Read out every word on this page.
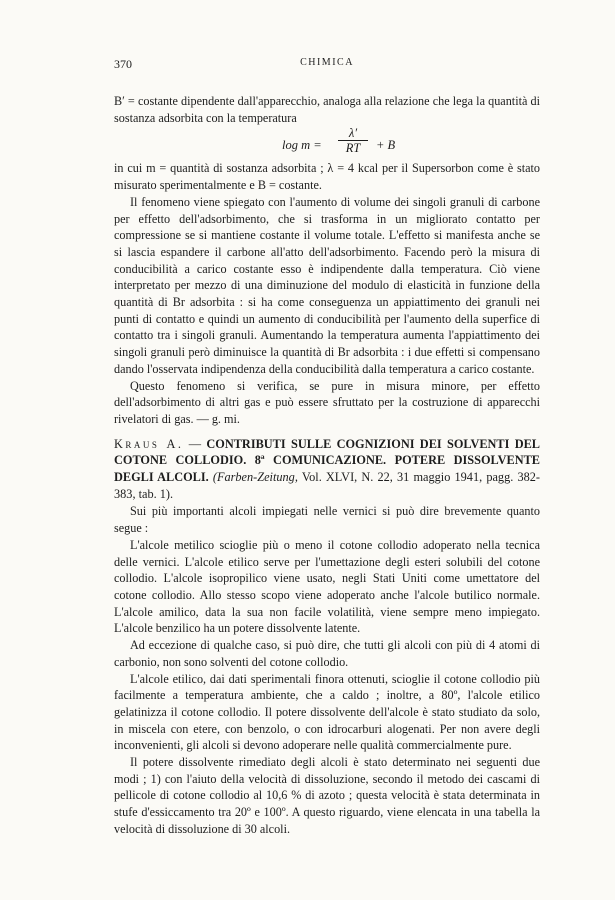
370	CHIMICA

B′ = costante dipendente dall'apparecchio, analoga alla relazione che lega la quantità di sostanza adsorbita con la temperatura

$\log m = \frac{\lambda'}{RT} + B$

in cui m = quantità di sostanza adsorbita ; λ = 4 kcal per il Supersorbon come è stato misurato sperimentalmente e B = costante.

Il fenomeno viene spiegato con l'aumento di volume dei singoli granuli di carbone per effetto dell'adsorbimento, che si trasforma in un migliorato contatto per compressione se si mantiene costante il volume totale. L'effetto si manifesta anche se si lascia espandere il carbone all'atto dell'adsorbimento. Facendo però la misura di conducibilità a carico costante esso è indipendente dalla temperatura. Ciò viene interpretato per mezzo di una diminuzione del modulo di elasticità in funzione della quantità di Br adsorbita : si ha come conseguenza un appiattimento dei granuli nei punti di contatto e quindi un aumento di conducibilità per l'aumento della superfice di contatto tra i singoli granuli. Aumentando la temperatura aumenta l'appiattimento dei singoli granuli però diminuisce la quantità di Br adsorbita : i due effetti si compensano dando l'osservata indipendenza della conducibilità dalla temperatura a carico costante.

Questo fenomeno si verifica, se pure in misura minore, per effetto dell'adsorbimento di altri gas e può essere sfruttato per la costruzione di apparecchi rivelatori di gas. — g. mi.

Kraus A. — CONTRIBUTI SULLE COGNIZIONI DEI SOLVENTI DEL COTONE COLLODIO. 8ª COMUNICAZIONE. POTERE DISSOLVENTE DEGLI ALCOLI. (Farben-Zeitung, Vol. XLVI, N. 22, 31 maggio 1941, pagg. 382-383, tab. 1).

Sui più importanti alcoli impiegati nelle vernici si può dire brevemente quanto segue :

L'alcole metilico scioglie più o meno il cotone collodio adoperato nella tecnica delle vernici. L'alcole etilico serve per l'umettazione degli esteri solubili del cotone collodio. L'alcole isopropilico viene usato, negli Stati Uniti come umettatore del cotone collodio. Allo stesso scopo viene adoperato anche l'alcole butilico normale. L'alcole amilico, data la sua non facile volatilità, viene sempre meno impiegato. L'alcole benzilico ha un potere dissolvente latente.

Ad eccezione di qualche caso, si può dire, che tutti gli alcoli con più di 4 atomi di carbonio, non sono solventi del cotone collodio.

L'alcole etilico, dai dati sperimentali finora ottenuti, scioglie il cotone collodio più facilmente a temperatura ambiente, che a caldo ; inoltre, a 80º, l'alcole etilico gelatinizza il cotone collodio. Il potere dissolvente dell'alcole è stato studiato da solo, in miscela con etere, con benzolo, o con idrocarburi alogenati. Per non avere degli inconvenienti, gli alcoli si devono adoperare nelle qualità commercialmente pure.

Il potere dissolvente rimediato degli alcoli è stato determinato nei seguenti due modi ; 1) con l'aiuto della velocità di dissoluzione, secondo il metodo dei cascami di pellicole di cotone collodio al 10,6 % di azoto ; questa velocità è stata determinata in stufe d'essiccamento tra 20º e 100º. A questo riguardo, viene elencata in una tabella la velocità di dissoluzione di 30 alcoli.
